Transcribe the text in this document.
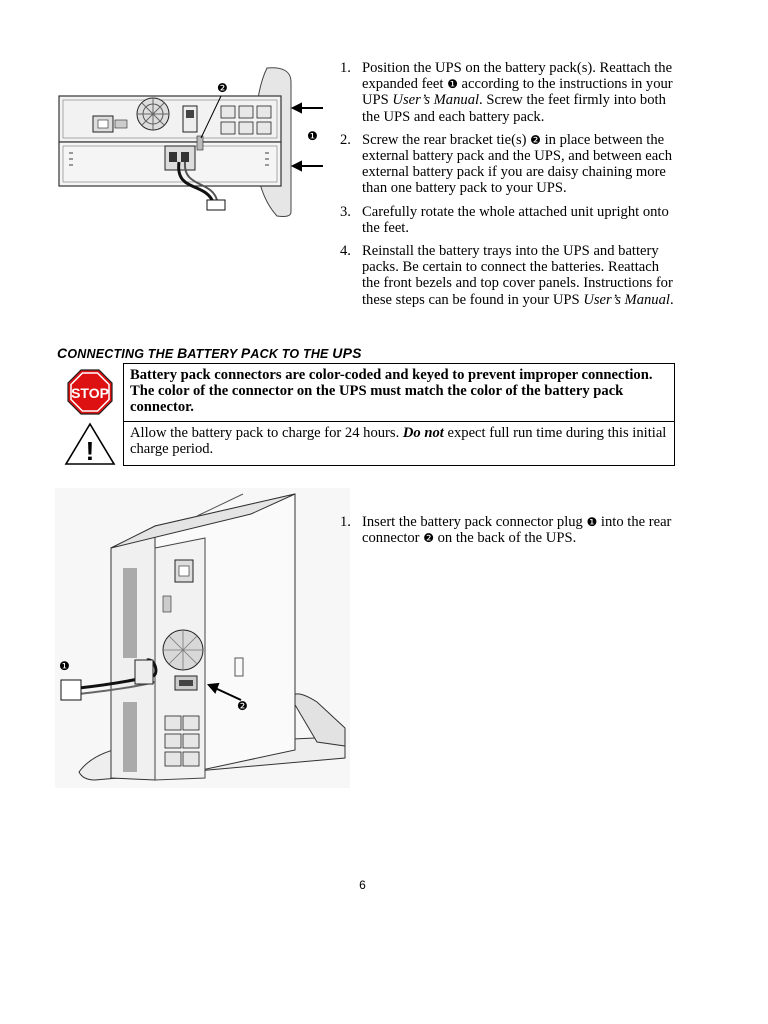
❷
❶
1. Position the UPS on the battery pack(s). Reattach the expanded feet ❶ according to the instructions in your UPS User’s Manual. Screw the feet firmly into both the UPS and each battery pack.
2. Screw the rear bracket tie(s) ❷ in place between the external battery pack and the UPS, and between each external battery pack if you are daisy chaining more than one battery pack to your UPS.
3. Carefully rotate the whole attached unit upright onto the feet.
4. Reinstall the battery trays into the UPS and battery packs. Be certain to connect the batteries. Reattach the front bezels and top cover panels. Instructions for these steps can be found in your UPS User’s Manual.
CONNECTING THE BATTERY PACK TO THE UPS
STOP
Battery pack connectors are color-coded and keyed to prevent improper connection. The color of the connector on the UPS must match the color of the battery pack connector.
!
Allow the battery pack to charge for 24 hours. Do not expect full run time during this initial charge period.
❶
❷
1. Insert the battery pack connector plug ❶ into the rear connector ❷ on the back of the UPS.
6
